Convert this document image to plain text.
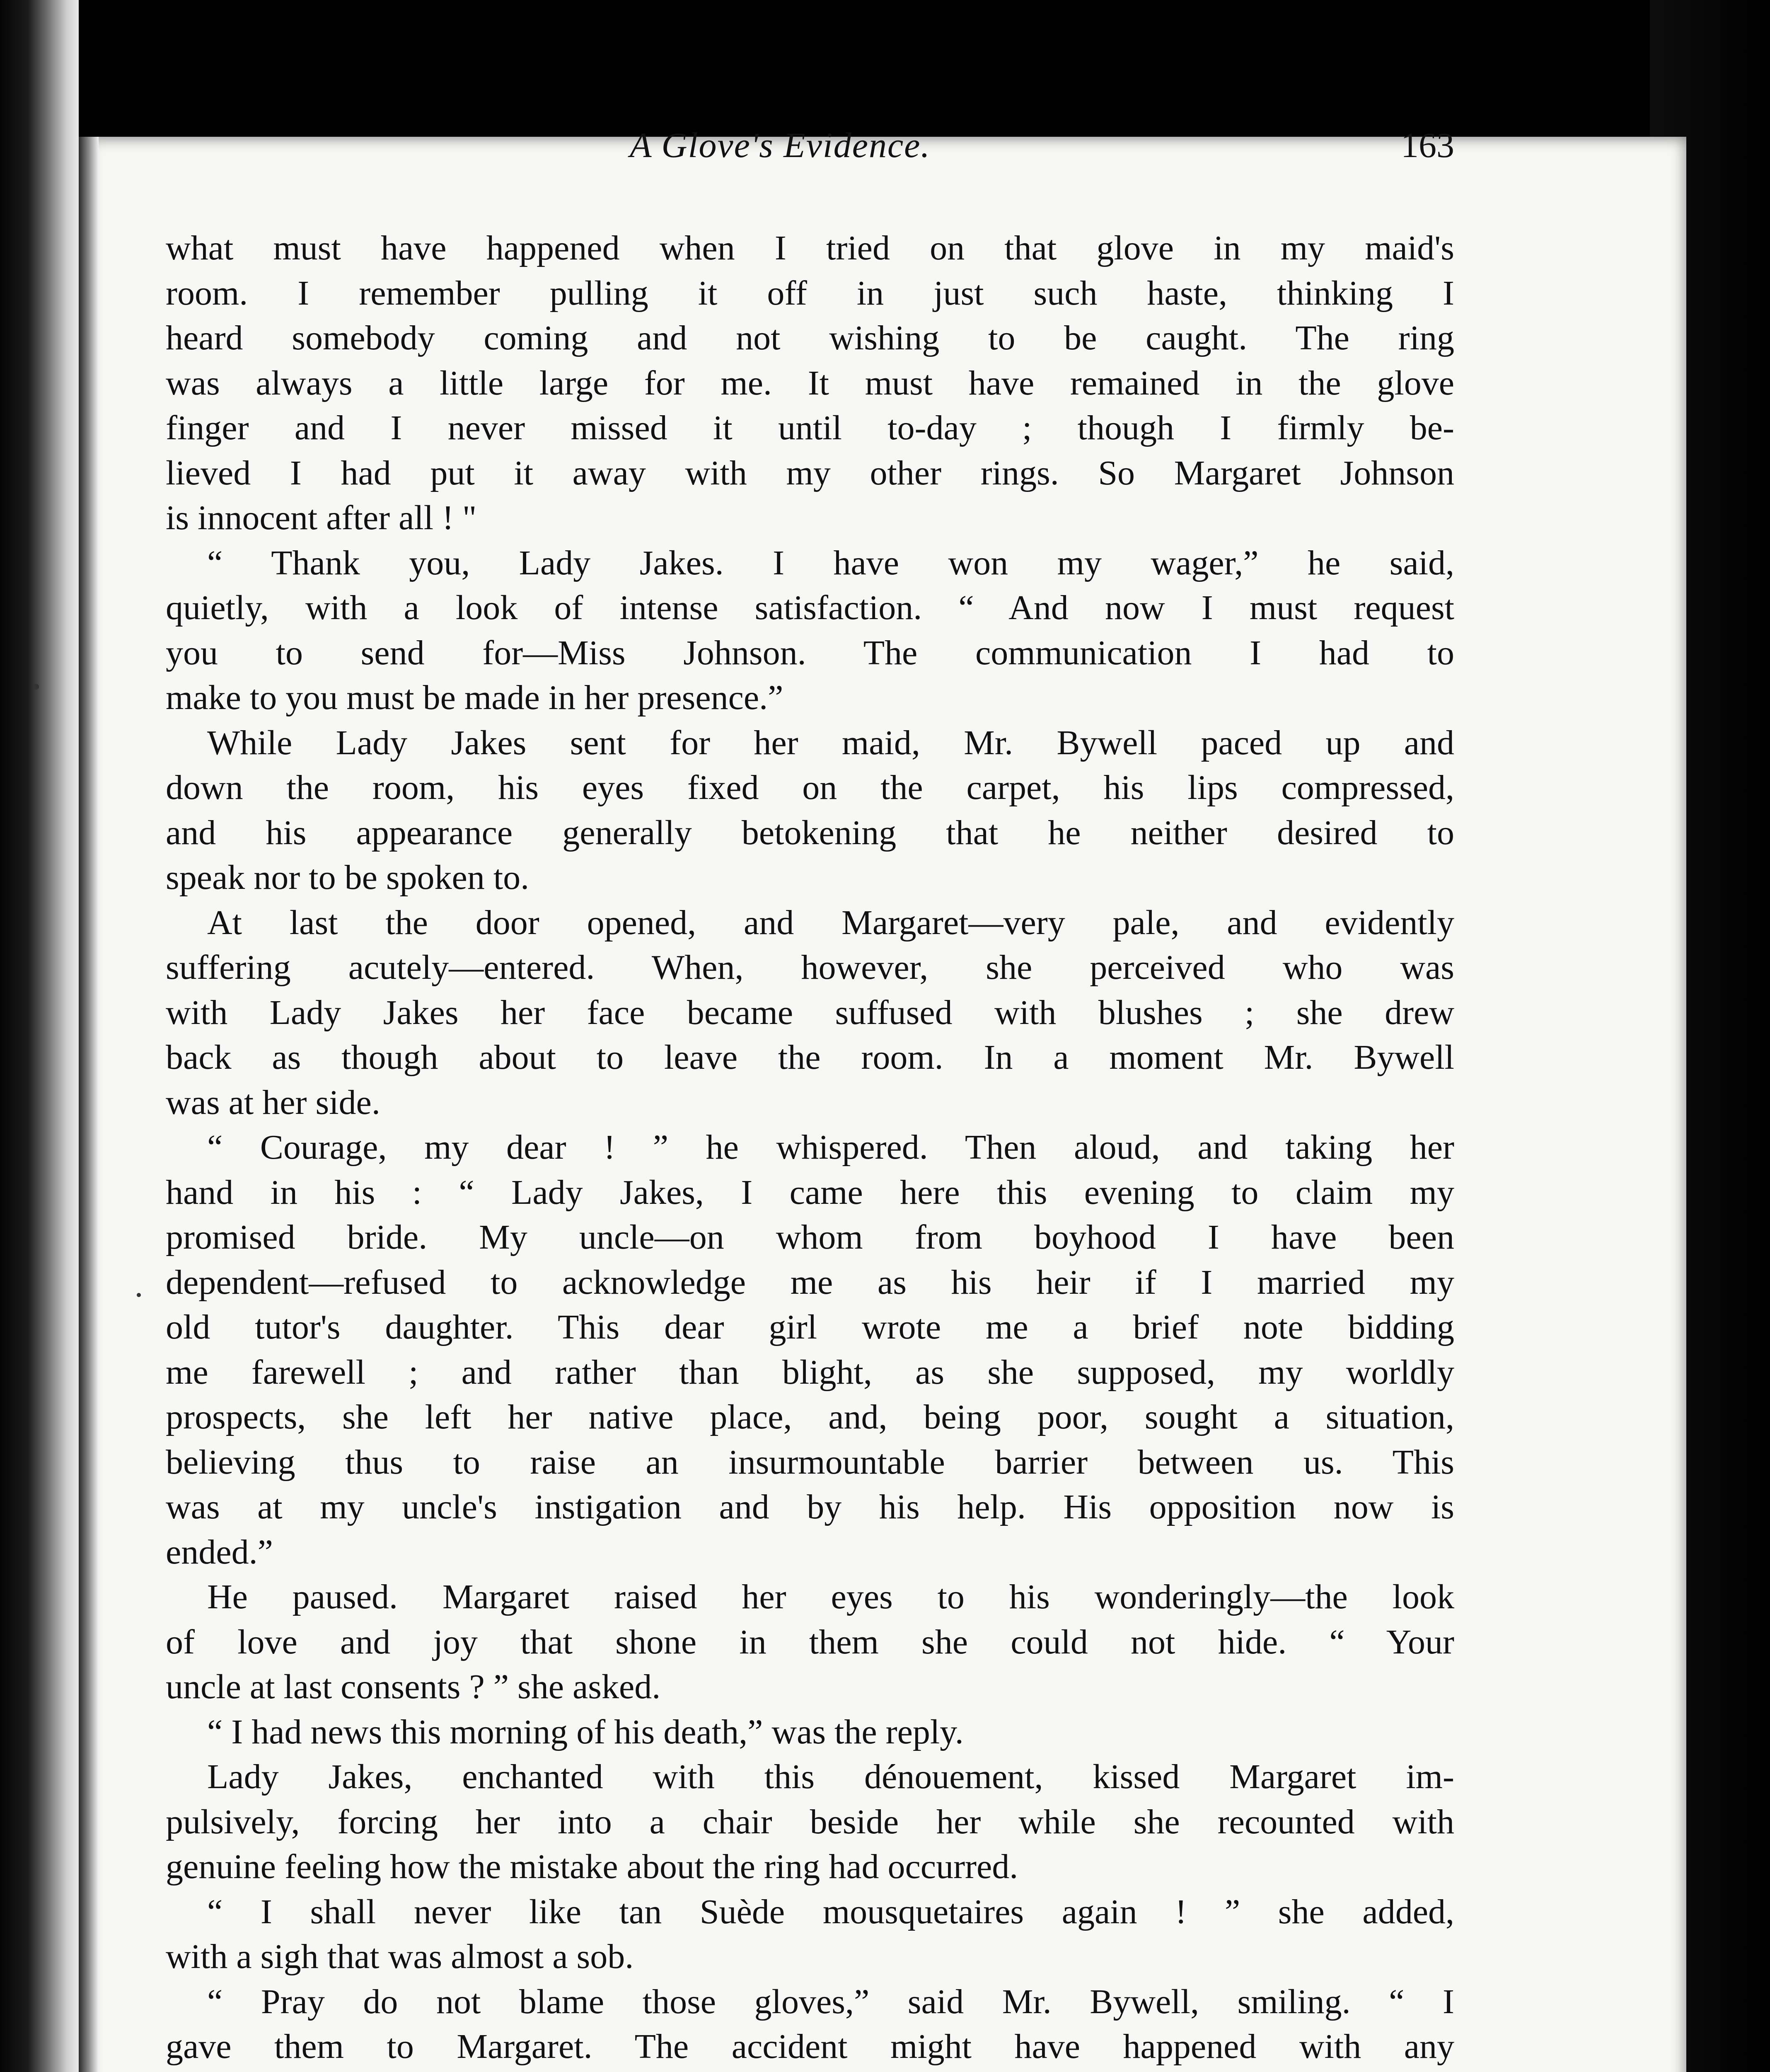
A Glove's Evidence.	163
what must have happened when I tried on that glove in my maid's
room. I remember pulling it off in just such haste, thinking I
heard somebody coming and not wishing to be caught. The ring
was always a little large for me. It must have remained in the glove
finger and I never missed it until to-day ; though I firmly be-
lieved I had put it away with my other rings. So Margaret Johnson
is innocent after all ! "
“ Thank you, Lady Jakes. I have won my wager,” he said,
quietly, with a look of intense satisfaction. “ And now I must request
you to send for—Miss Johnson. The communication I had to
make to you must be made in her presence.”
While Lady Jakes sent for her maid, Mr. Bywell paced up and
down the room, his eyes fixed on the carpet, his lips compressed,
and his appearance generally betokening that he neither desired to
speak nor to be spoken to.
At last the door opened, and Margaret—very pale, and evidently
suffering acutely—entered. When, however, she perceived who was
with Lady Jakes her face became suffused with blushes ; she drew
back as though about to leave the room. In a moment Mr. Bywell
was at her side.
“ Courage, my dear ! ” he whispered. Then aloud, and taking her
hand in his : “ Lady Jakes, I came here this evening to claim my
promised bride. My uncle—on whom from boyhood I have been
dependent—refused to acknowledge me as his heir if I married my
old tutor's daughter. This dear girl wrote me a brief note bidding
me farewell ; and rather than blight, as she supposed, my worldly
prospects, she left her native place, and, being poor, sought a situation,
believing thus to raise an insurmountable barrier between us. This
was at my uncle's instigation and by his help. His opposition now is
ended.”
He paused. Margaret raised her eyes to his wonderingly—the look
of love and joy that shone in them she could not hide. “ Your
uncle at last consents ? ” she asked.
“ I had news this morning of his death,” was the reply.
Lady Jakes, enchanted with this dénouement, kissed Margaret im-
pulsively, forcing her into a chair beside her while she recounted with
genuine feeling how the mistake about the ring had occurred.
“ I shall never like tan Suède mousquetaires again ! ” she added,
with a sigh that was almost a sob.
“ Pray do not blame those gloves,” said Mr. Bywell, smiling. “ I
gave them to Margaret. The accident might have happened with any
